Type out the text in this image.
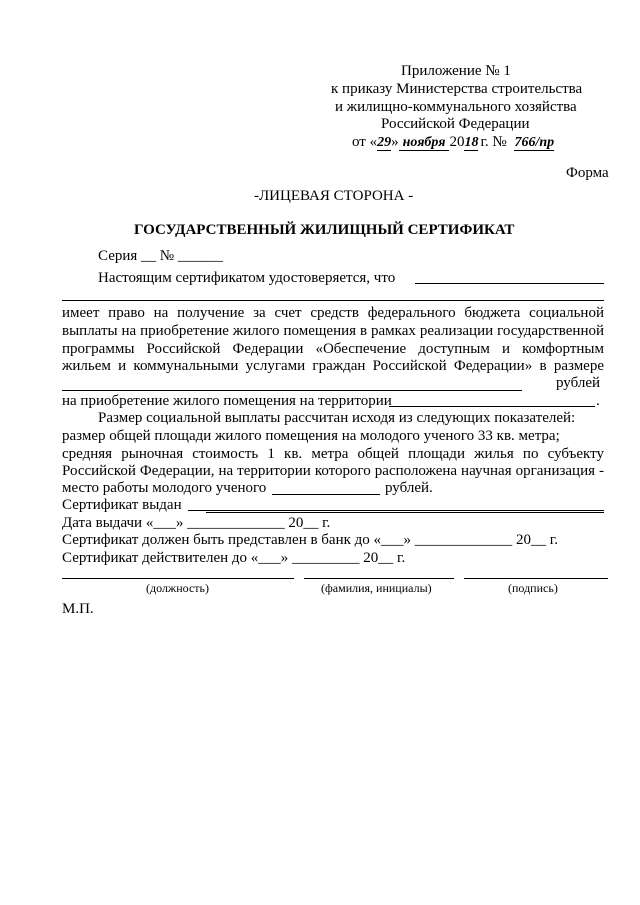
Приложение № 1
к приказу Министерства строительства
и жилищно-коммунального хозяйства
Российской Федерации
от «29» ноября 2018 г. № 766/пр
Форма
-ЛИЦЕВАЯ СТОРОНА -
ГОСУДАРСТВЕННЫЙ ЖИЛИЩНЫЙ СЕРТИФИКАТ
Серия __ № ______
Настоящим сертификатом удостоверяется, что
имеет право на получение за счет средств федерального бюджета социальной
выплаты на приобретение жилого помещения в рамках реализации государственной
программы Российской Федерации «Обеспечение доступным и комфортным
жильем и коммунальными услугами граждан Российской Федерации» в размере
рублей
на приобретение жилого помещения на территории	.
Размер социальной выплаты рассчитан исходя из следующих показателей:
размер общей площади жилого помещения на молодого ученого 33 кв. метра;
средняя рыночная стоимость 1 кв. метра общей площади жилья по субъекту
Российской Федерации, на территории которого расположена научная организация -
место работы молодого ученого	рублей.
Сертификат выдан
Дата выдачи «___» _____________ 20__ г.
Сертификат должен быть представлен в банк до «___» _____________ 20__ г.
Сертификат действителен до «___» _________ 20__ г.
(должность)	(фамилия, инициалы)	(подпись)
М.П.
